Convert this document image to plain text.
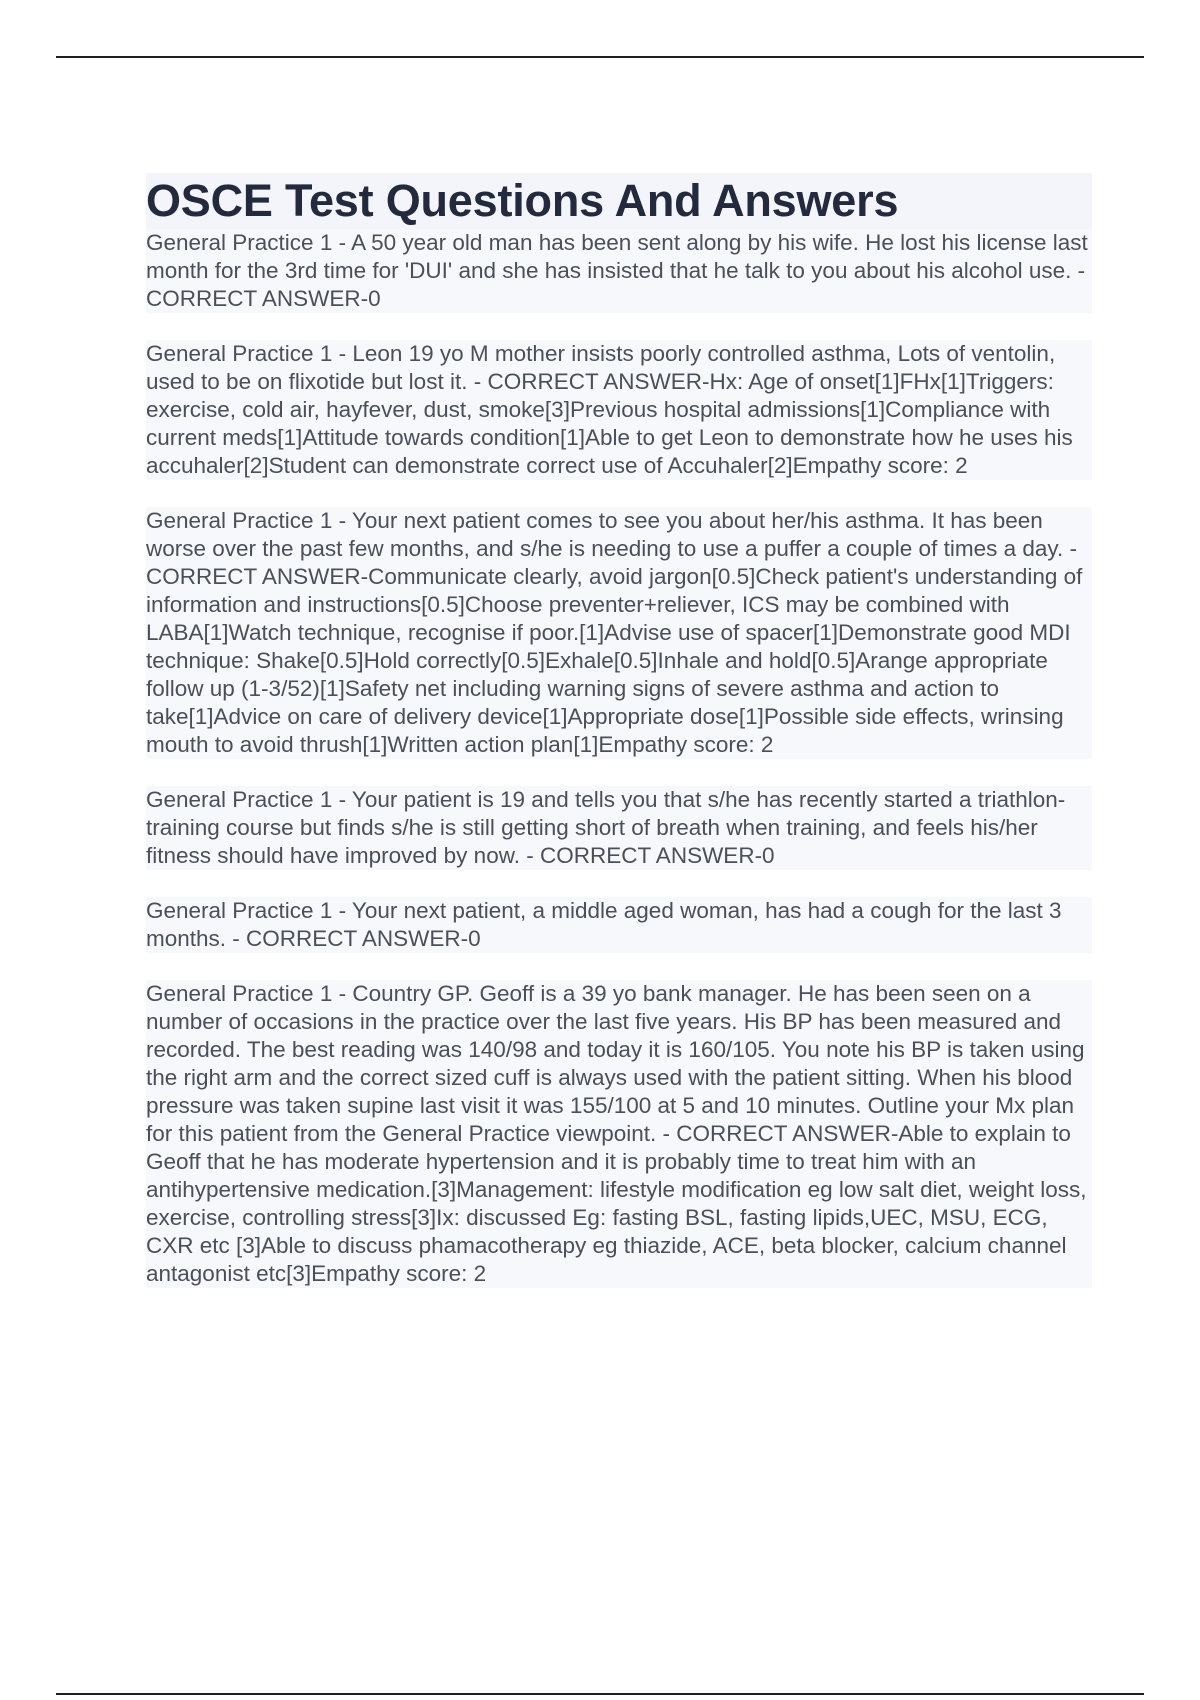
OSCE Test Questions And Answers

General Practice 1 - A 50 year old man has been sent along by his wife. He lost his license last month for the 3rd time for 'DUI' and she has insisted that he talk to you about his alcohol use. - CORRECT ANSWER-0

General Practice 1 - Leon 19 yo M mother insists poorly controlled asthma, Lots of ventolin, used to be on flixotide but lost it. - CORRECT ANSWER-Hx: Age of onset[1]FHx[1]Triggers: exercise, cold air, hayfever, dust, smoke[3]Previous hospital admissions[1]Compliance with current meds[1]Attitude towards condition[1]Able to get Leon to demonstrate how he uses his accuhaler[2]Student can demonstrate correct use of Accuhaler[2]Empathy score: 2

General Practice 1 - Your next patient comes to see you about her/his asthma. It has been worse over the past few months, and s/he is needing to use a puffer a couple of times a day. - CORRECT ANSWER-Communicate clearly, avoid jargon[0.5]Check patient's understanding of information and instructions[0.5]Choose preventer+reliever, ICS may be combined with LABA[1]Watch technique, recognise if poor.[1]Advise use of spacer[1]Demonstrate good MDI technique: Shake[0.5]Hold correctly[0.5]Exhale[0.5]Inhale and hold[0.5]Arange appropriate follow up (1-3/52)[1]Safety net including warning signs of severe asthma and action to take[1]Advice on care of delivery device[1]Appropriate dose[1]Possible side effects, wrinsing mouth to avoid thrush[1]Written action plan[1]Empathy score: 2

General Practice 1 - Your patient is 19 and tells you that s/he has recently started a triathlon-training course but finds s/he is still getting short of breath when training, and feels his/her fitness should have improved by now. - CORRECT ANSWER-0

General Practice 1 - Your next patient, a middle aged woman, has had a cough for the last 3 months. - CORRECT ANSWER-0

General Practice 1 - Country GP. Geoff is a 39 yo bank manager. He has been seen on a number of occasions in the practice over the last five years. His BP has been measured and recorded. The best reading was 140/98 and today it is 160/105. You note his BP is taken using the right arm and the correct sized cuff is always used with the patient sitting. When his blood pressure was taken supine last visit it was 155/100 at 5 and 10 minutes. Outline your Mx plan for this patient from the General Practice viewpoint. - CORRECT ANSWER-Able to explain to Geoff that he has moderate hypertension and it is probably time to treat him with an antihypertensive medication.[3]Management: lifestyle modification eg low salt diet, weight loss, exercise, controlling stress[3]Ix: discussed Eg: fasting BSL, fasting lipids,UEC, MSU, ECG, CXR etc [3]Able to discuss phamacotherapy eg thiazide, ACE, beta blocker, calcium channel antagonist etc[3]Empathy score: 2
